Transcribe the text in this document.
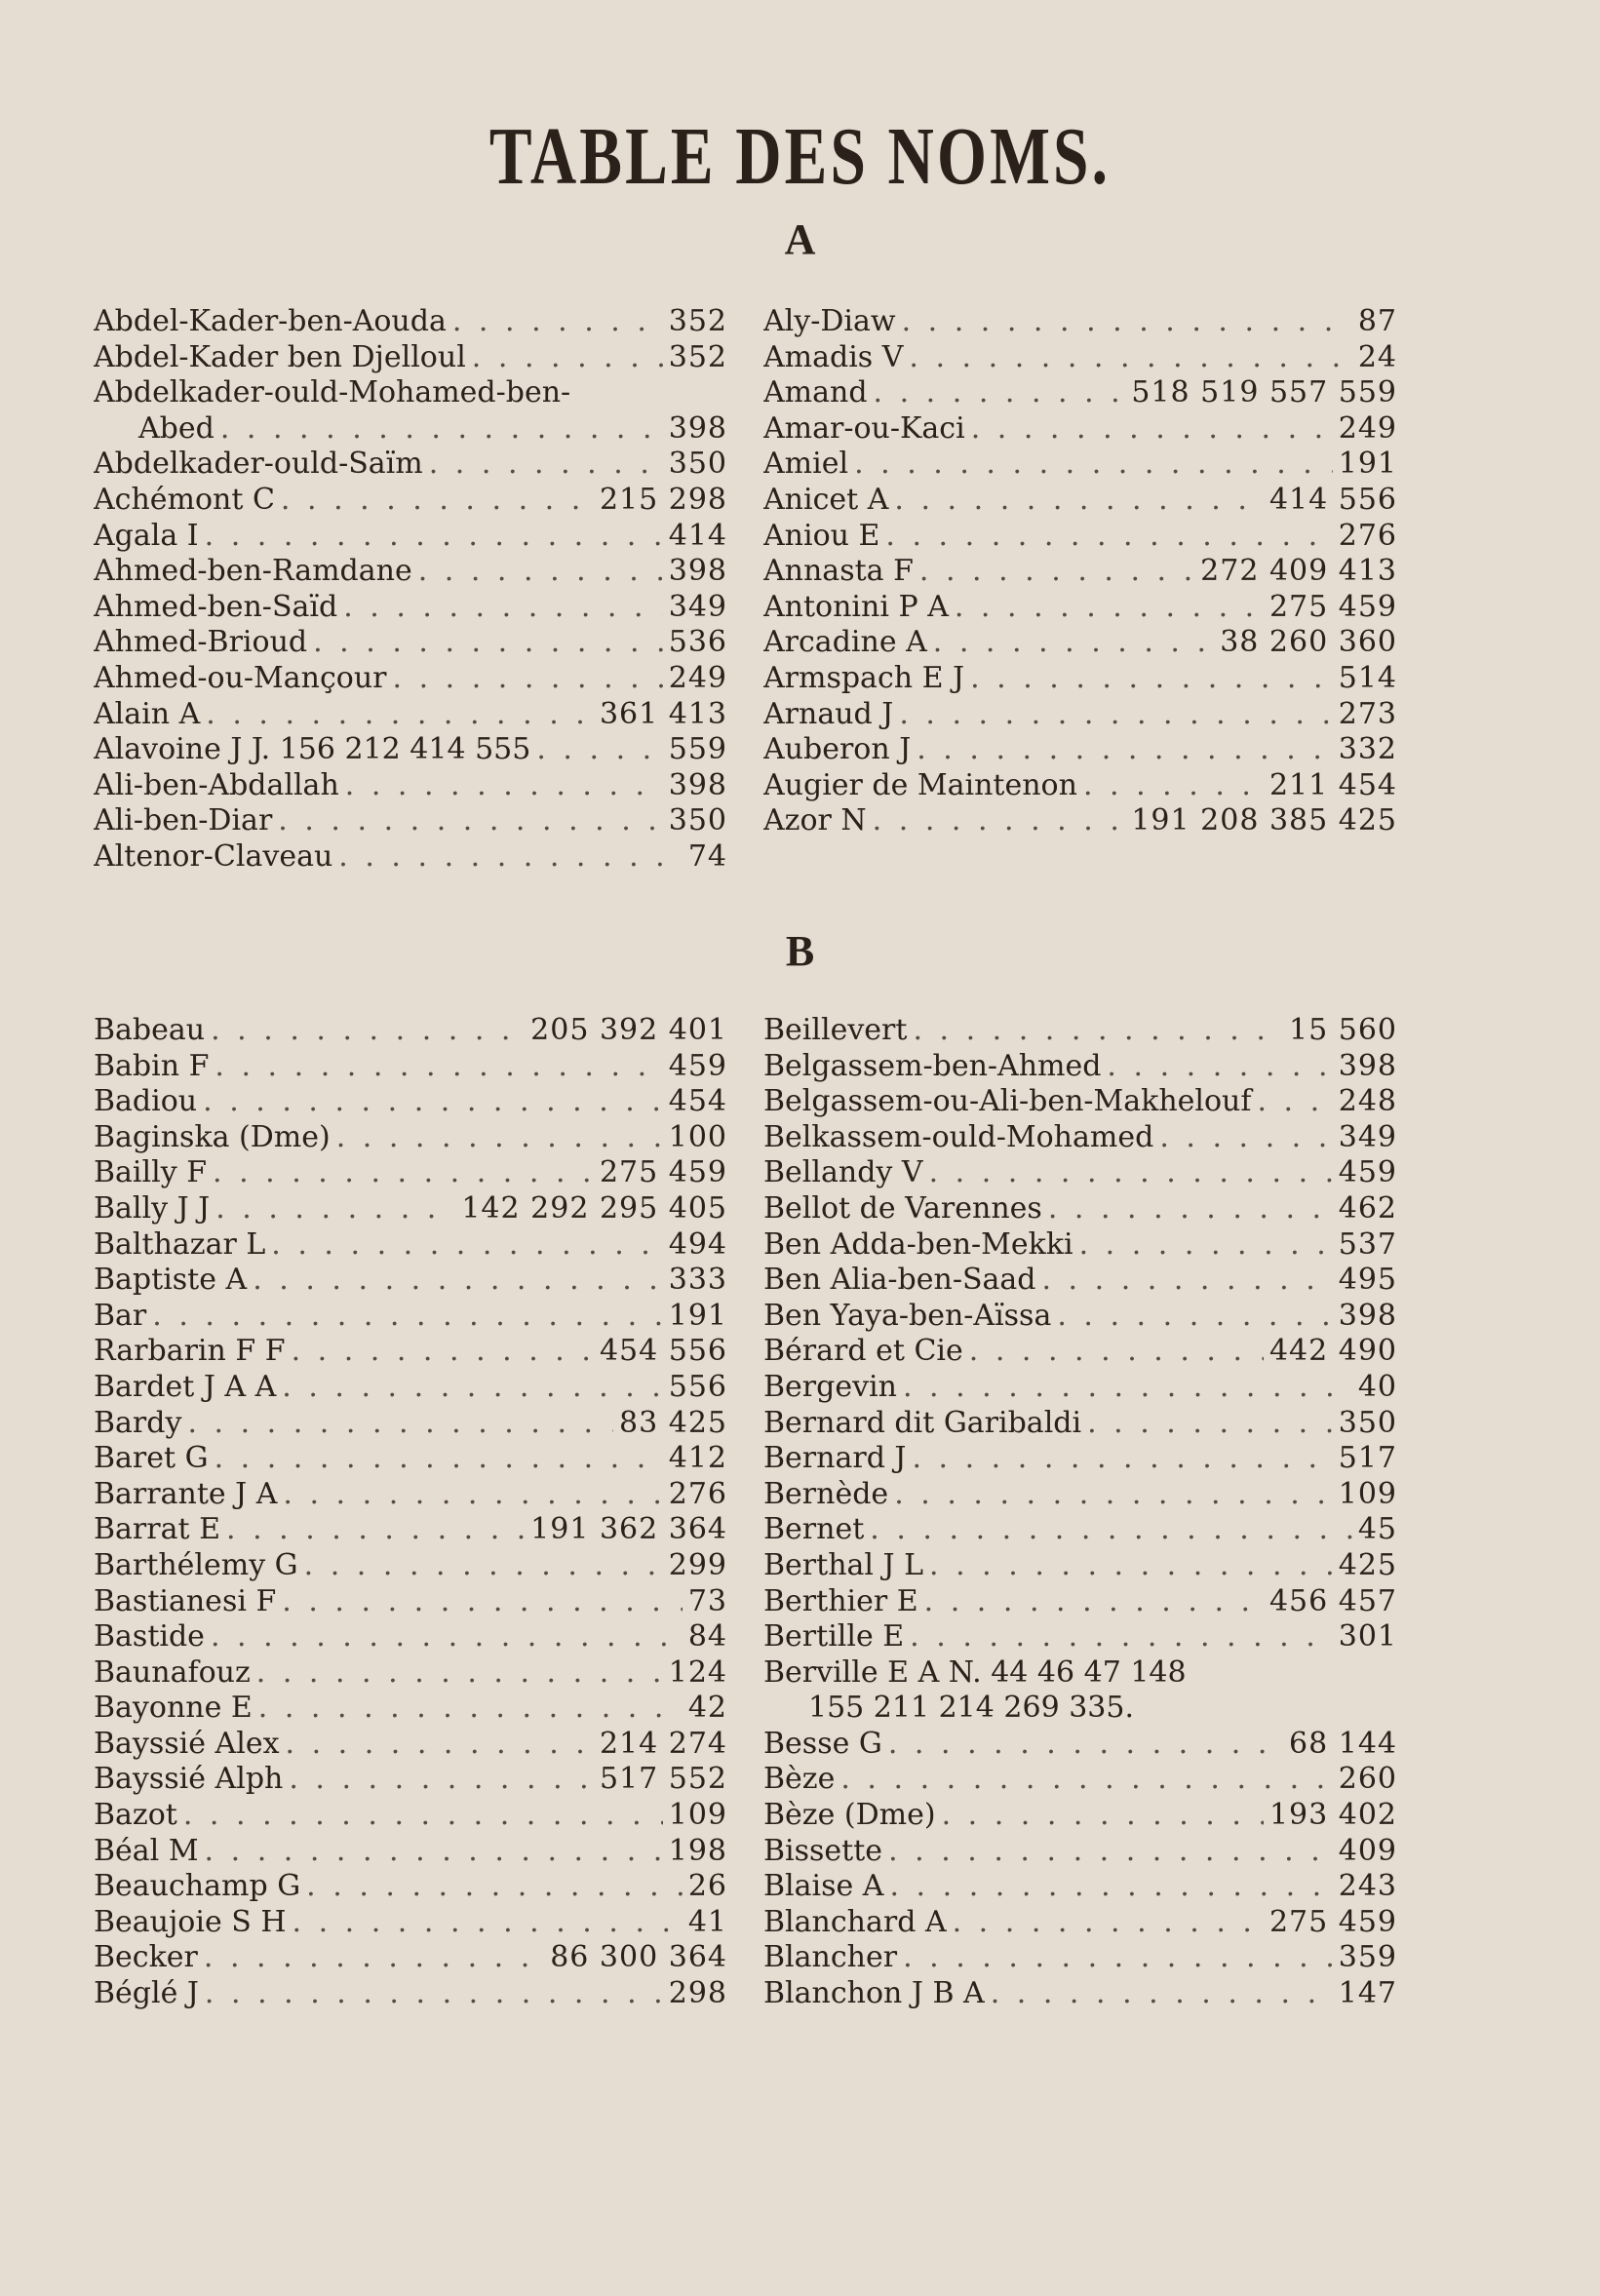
TABLE DES NOMS.
A
Abdel-Kader-ben-Aouda . . .	352
Abdel-Kader ben Djelloul . . .	352
Abdelkader-ould-Mohamed-ben-
Abed . . .	398
Abdelkader-ould-Saïm . . .	350
Achémont C . . .	215 298
Agala I . . .	414
Ahmed-ben-Ramdane . . .	398
Ahmed-ben-Saïd . . .	349
Ahmed-Brioud . . .	536
Ahmed-ou-Mançour . . .	249
Alain A . . .	361 413
Alavoine J J. 156 212 414 555 . . .	559
Ali-ben-Abdallah . . .	398
Ali-ben-Diar . . .	350
Altenor-Claveau . . .	74
Aly-Diaw . . .	87
Amadis V . . .	24
Amand . . .	518 519 557 559
Amar-ou-Kaci . . .	249
Amiel . . .	191
Anicet A . . .	414 556
Aniou E . . .	276
Annasta F . . .	272 409 413
Antonini P A . . .	275 459
Arcadine A . . .	38 260 360
Armspach E J . . .	514
Arnaud J . . .	273
Auberon J . . .	332
Augier de Maintenon . . .	211 454
Azor N . . .	191 208 385 425
B
Babeau . . .	205 392 401
Babin F . . .	459
Badiou . . .	454
Baginska (Dme) . . .	100
Bailly F . . .	275 459
Bally J J . . .	142 292 295 405
Balthazar L . . .	494
Baptiste A . . .	333
Bar . . .	191
Rarbarin F F . . .	454 556
Bardet J A A . . .	556
Bardy . . .	83 425
Baret G . . .	412
Barrante J A . . .	276
Barrat E . . .	191 362 364
Barthélemy G . . .	299
Bastianesi F . . .	73
Bastide . . .	84
Baunafouz . . .	124
Bayonne E . . .	42
Bayssié Alex . . .	214 274
Bayssié Alph . . .	517 552
Bazot . . .	109
Béal M . . .	198
Beauchamp G . . .	26
Beaujoie S H . . .	41
Becker . . .	86 300 364
Béglé J . . .	298
Beillevert . . .	15 560
Belgassem-ben-Ahmed . . .	398
Belgassem-ou-Ali-ben-Makhelouf . . .	248
Belkassem-ould-Mohamed . . .	349
Bellandy V . . .	459
Bellot de Varennes . . .	462
Ben Adda-ben-Mekki . . .	537
Ben Alia-ben-Saad . . .	495
Ben Yaya-ben-Aïssa . . .	398
Bérard et Cie . . .	442 490
Bergevin . . .	40
Bernard dit Garibaldi . . .	350
Bernard J . . .	517
Bernède . . .	109
Bernet . . .	45
Berthal J L . . .	425
Berthier E . . .	456 457
Bertille E . . .	301
Berville E A N. 44 46 47 148
155 211 214 269 335.
Besse G . . .	68 144
Bèze . . .	260
Bèze (Dme) . . .	193 402
Bissette . . .	409
Blaise A . . .	243
Blanchard A . . .	275 459
Blancher . . .	359
Blanchon J B A . . .	147
